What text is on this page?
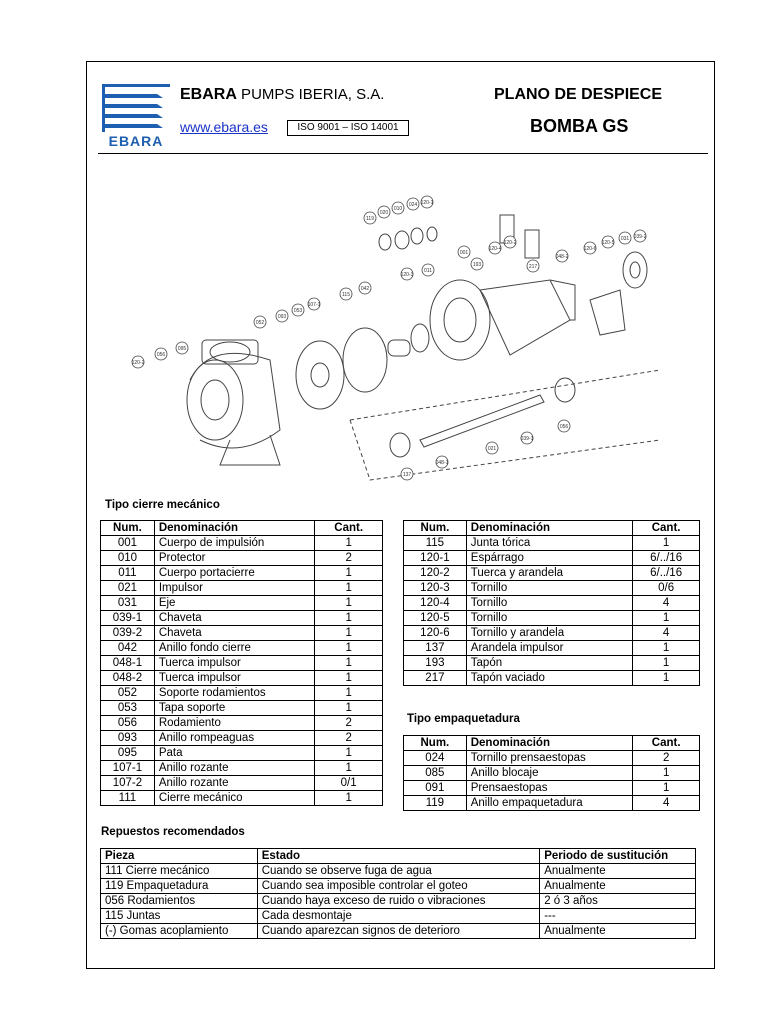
EBARA
EBARA PUMPS IBERIA, S.A.
www.ebara.es	ISO 9001 – ISO 14001
PLANO DE DESPIECE
BOMBA GS
119
020
010
024 120-1
120-4
120-2
120-6
120-5
031 039-2
011
120-3
042
115
107-1
053
093
052
095
056
120-2
001
193	217
048-2
137
048-1
039-1
021
056
Tipo cierre mecánico
Tipo empaquetadura
Repuestos recomendados
Num.	Denominación	Cant.
001	Cuerpo de impulsión	1
010	Protector	2
011	Cuerpo portacierre	1
021	Impulsor	1
031	Eje	1
039-1	Chaveta	1
039-2	Chaveta	1
042	Anillo fondo cierre	1
048-1	Tuerca impulsor	1
048-2	Tuerca impulsor	1
052	Soporte rodamientos	1
053	Tapa soporte	1
056	Rodamiento	2
093	Anillo rompeaguas	2
095	Pata	1
107-1	Anillo rozante	1
107-2	Anillo rozante	0/1
111	Cierre mecánico	1
Num.	Denominación	Cant.
115	Junta tórica	1
120-1	Espárrago	6/../16
120-2	Tuerca y arandela	6/../16
120-3	Tornillo	0/6
120-4	Tornillo	4
120-5	Tornillo	1
120-6	Tornillo y arandela	4
137	Arandela impulsor	1
193	Tapón	1
217	Tapón vaciado	1
Num.	Denominación	Cant.
024	Tornillo prensaestopas	2
085	Anillo blocaje	1
091	Prensaestopas	1
119	Anillo empaquetadura	4
Pieza	Estado	Periodo de sustitución
111 Cierre mecánico	Cuando se observe fuga de agua	Anualmente
119 Empaquetadura	Cuando sea imposible controlar el goteo	Anualmente
056 Rodamientos	Cuando haya exceso de ruido o vibraciones	2 ó 3 años
115 Juntas	Cada desmontaje	---
(-) Gomas acoplamiento	Cuando aparezcan signos de deterioro	Anualmente
